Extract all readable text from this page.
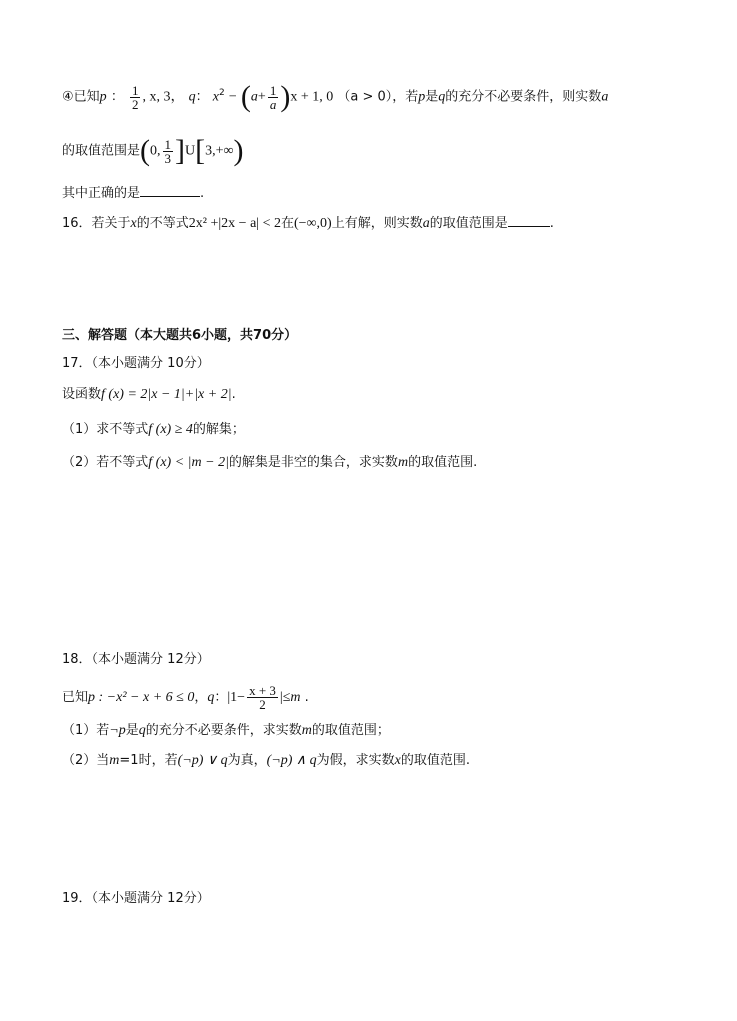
④已知p ： $\frac{1}{2}$ , x, 3， q： $x^2 - (a+ \frac{1}{a} )x + 1$, 0 （a > 0），若p是q的充分不必要条件，则实数a
的取值范围是(0, $\frac{1}{3} ]U[3,+\infty)$
其中正确的是	.
16．若关于x的不等式2x² +|2x − a| < 2在(−∞,0)上有解，则实数a的取值范围是	.
三、解答题（本大题共6小题，共70分）
17．（本小题满分 10分）
设函数f (x) = 2|x − 1|+|x + 2|.
（1）求不等式f (x) ≥ 4的解集；
（2）若不等式f (x) < |m − 2|的解集是非空的集合，求实数m的取值范围.
18．（本小题满分 12分）
已知p : −x² − x + 6 ≤ 0，q：$|1- \frac{x + 3}{2} |\le m$ .
（1）若¬p是q的充分不必要条件，求实数m的取值范围；
（2）当m=1时，若(¬p) ∨ q为真，(¬p) ∧ q为假，求实数x的取值范围.
19．（本小题满分 12分）
